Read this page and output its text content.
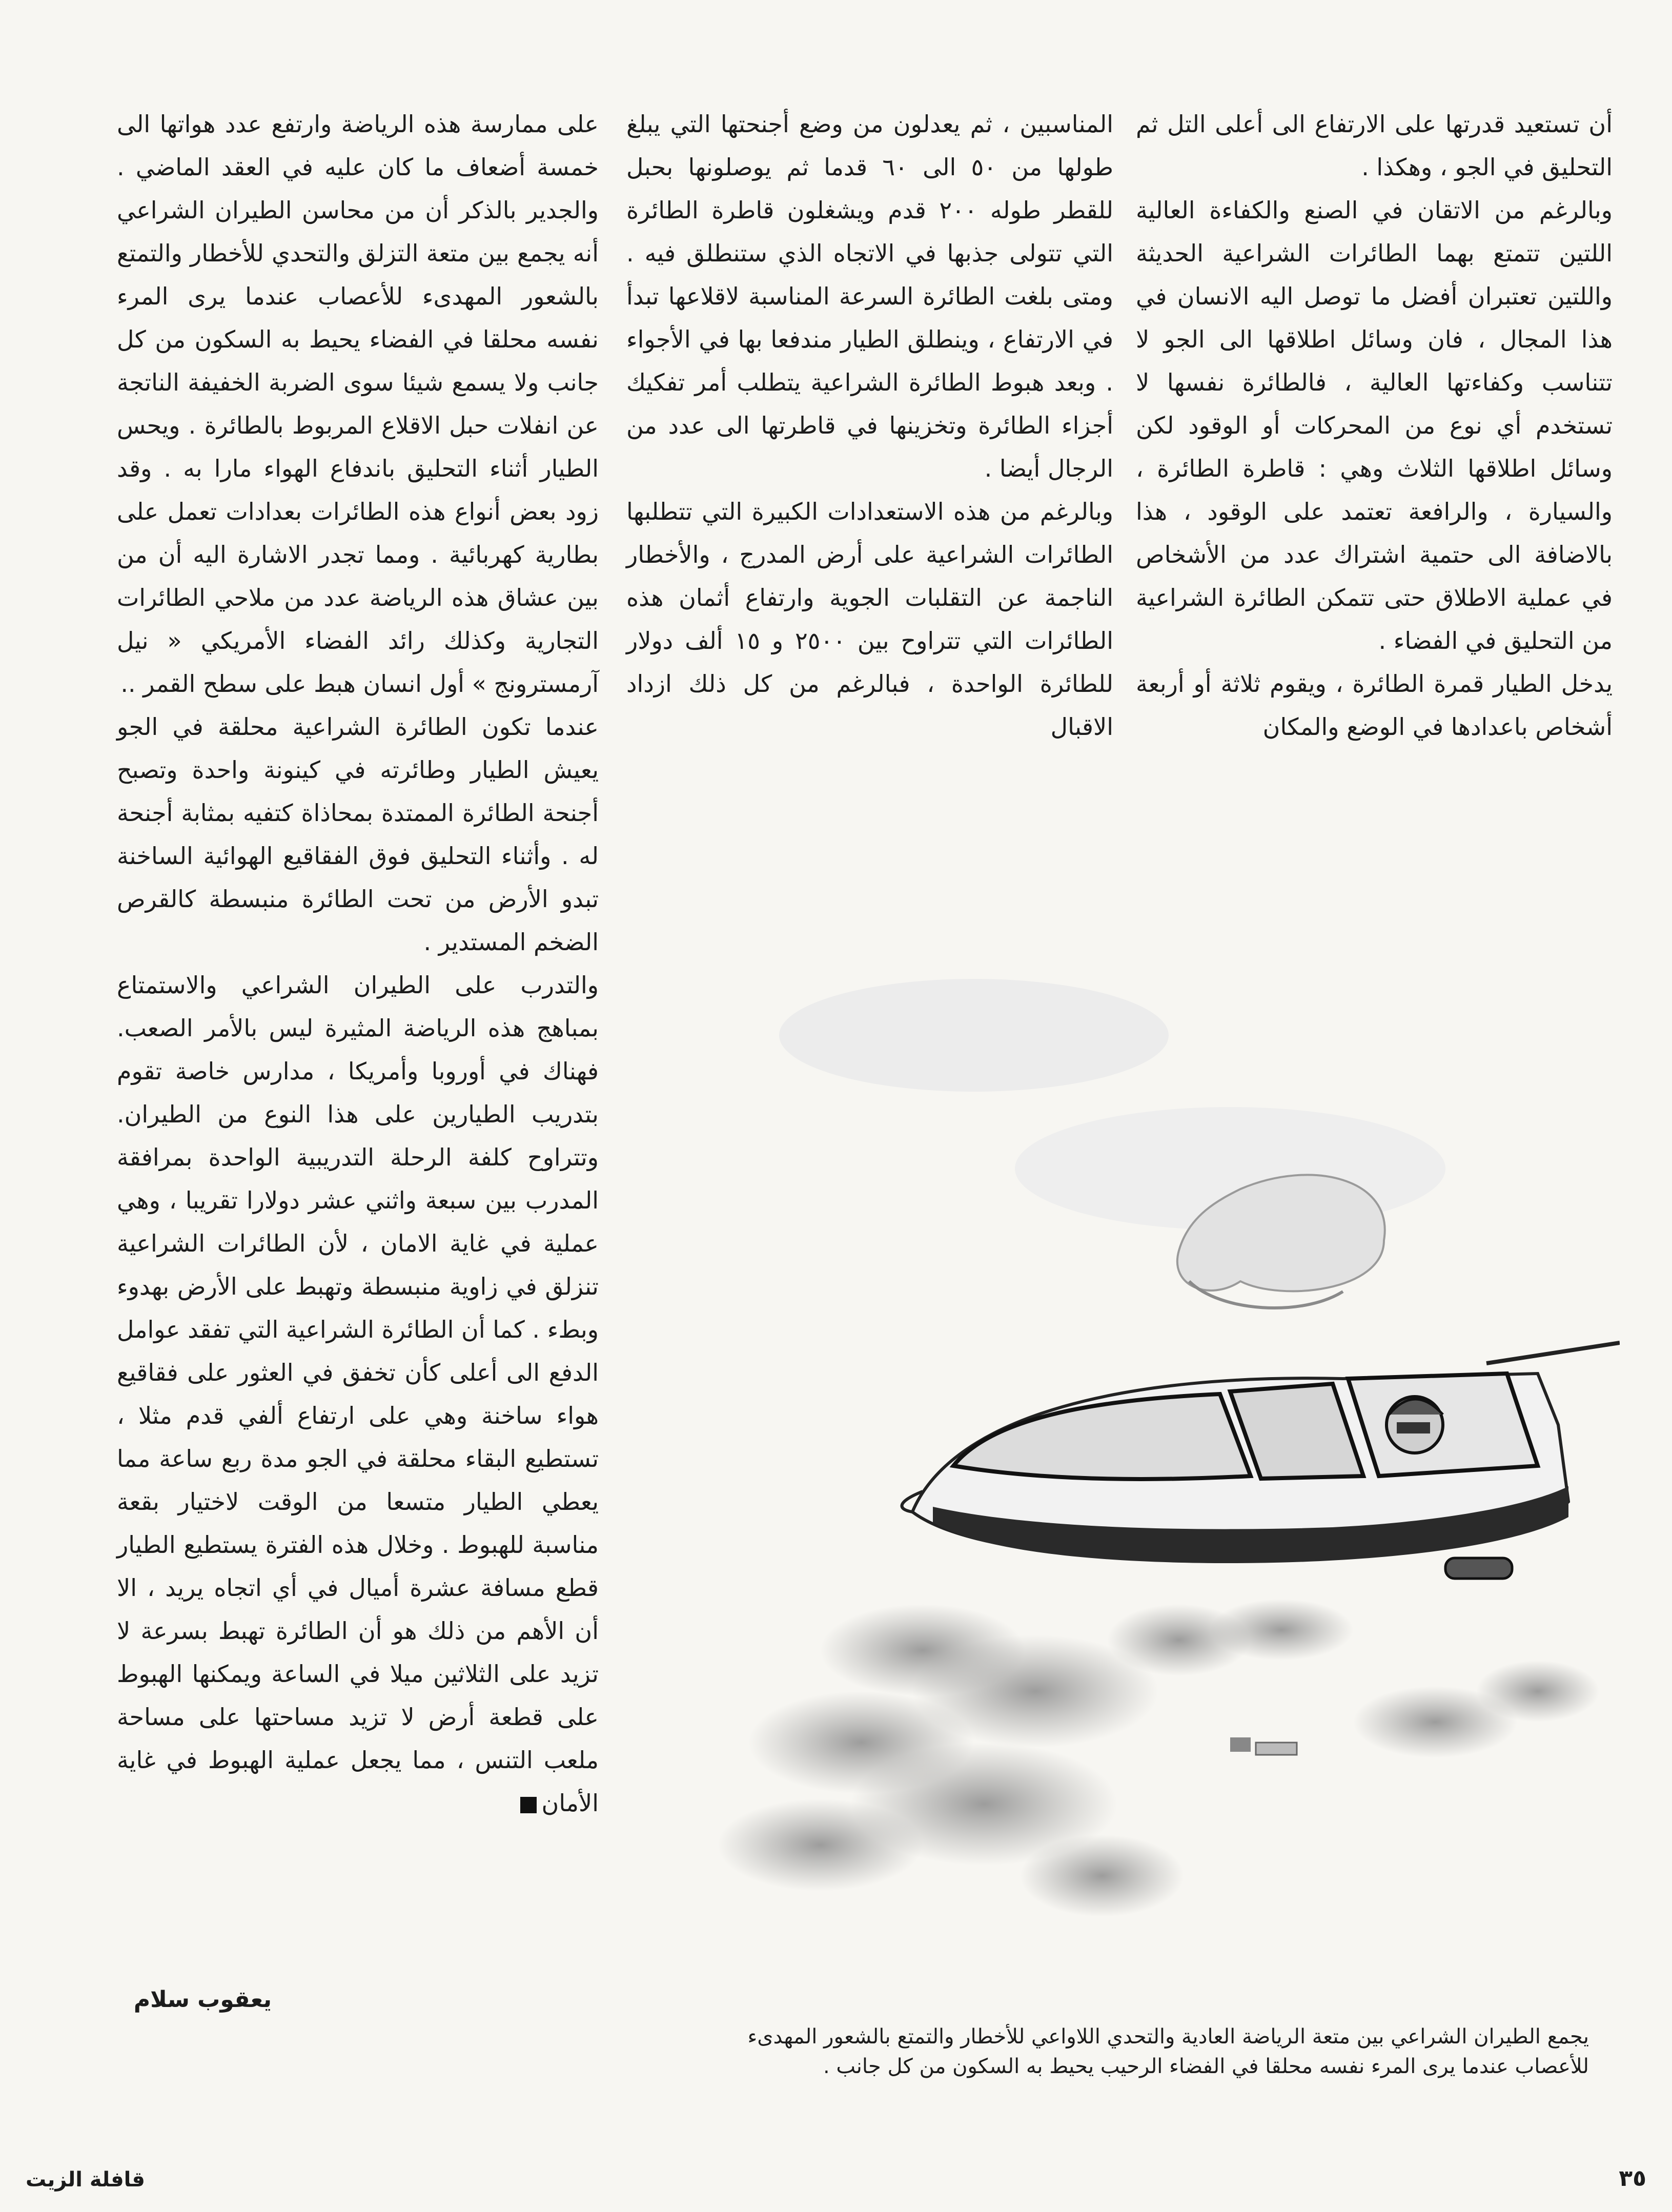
أن تستعيد قدرتها على الارتفاع الى أعلى التل ثم التحليق في الجو ، وهكذا .

وبالرغم من الاتقان في الصنع والكفاءة العالية اللتين تتمتع بهما الطائرات الشراعية الحديثة واللتين تعتبران أفضل ما توصل اليه الانسان في هذا المجال ، فان وسائل اطلاقها الى الجو لا تتناسب وكفاءتها العالية ، فالطائرة نفسها لا تستخدم أي نوع من المحركات أو الوقود لكن وسائل اطلاقها الثلاث وهي : قاطرة الطائرة ، والسيارة ، والرافعة تعتمد على الوقود ، هذا بالاضافة الى حتمية اشتراك عدد من الأشخاص في عملية الاطلاق حتى تتمكن الطائرة الشراعية من التحليق في الفضاء .

يدخل الطيار قمرة الطائرة ، ويقوم ثلاثة أو أربعة أشخاص باعدادها في الوضع والمكان

المناسبين ، ثم يعدلون من وضع أجنحتها التي يبلغ طولها من ٥٠ الى ٦٠ قدما ثم يوصلونها بحبل للقطر طوله ٢٠٠ قدم ويشغلون قاطرة الطائرة التي تتولى جذبها في الاتجاه الذي ستنطلق فيه . ومتى بلغت الطائرة السرعة المناسبة لاقلاعها تبدأ في الارتفاع ، وينطلق الطيار مندفعا بها في الأجواء . وبعد هبوط الطائرة الشراعية يتطلب أمر تفكيك أجزاء الطائرة وتخزينها في قاطرتها الى عدد من الرجال أيضا .

وبالرغم من هذه الاستعدادات الكبيرة التي تتطلبها الطائرات الشراعية على أرض المدرج ، والأخطار الناجمة عن التقلبات الجوية وارتفاع أثمان هذه الطائرات التي تتراوح بين ٢٥٠٠ و ١٥ ألف دولار للطائرة الواحدة ، فبالرغم من كل ذلك ازداد الاقبال

على ممارسة هذه الرياضة وارتفع عدد هواتها الى خمسة أضعاف ما كان عليه في العقد الماضي . والجدير بالذكر أن من محاسن الطيران الشراعي أنه يجمع بين متعة التزلق والتحدي للأخطار والتمتع بالشعور المهدىء للأعصاب عندما يرى المرء نفسه محلقا في الفضاء يحيط به السكون من كل جانب ولا يسمع شيئا سوى الضربة الخفيفة الناتجة عن انفلات حبل الاقلاع المربوط بالطائرة . ويحس الطيار أثناء التحليق باندفاع الهواء مارا به . وقد زود بعض أنواع هذه الطائرات بعدادات تعمل على بطارية كهربائية . ومما تجدر الاشارة اليه أن من بين عشاق هذه الرياضة عدد من ملاحي الطائرات التجارية وكذلك رائد الفضاء الأمريكي « نيل آرمسترونج » أول انسان هبط على سطح القمر ..

عندما تكون الطائرة الشراعية محلقة في الجو يعيش الطيار وطائرته في كينونة واحدة وتصبح أجنحة الطائرة الممتدة بمحاذاة كتفيه بمثابة أجنحة له . وأثناء التحليق فوق الفقاقيع الهوائية الساخنة تبدو الأرض من تحت الطائرة منبسطة كالقرص الضخم المستدير .

والتدرب على الطيران الشراعي والاستمتاع بمباهج هذه الرياضة المثيرة ليس بالأمر الصعب. فهناك في أوروبا وأمريكا ، مدارس خاصة تقوم بتدريب الطيارين على هذا النوع من الطيران. وتتراوح كلفة الرحلة التدريبية الواحدة بمرافقة المدرب بين سبعة واثني عشر دولارا تقريبا ، وهي عملية في غاية الامان ، لأن الطائرات الشراعية تنزلق في زاوية منبسطة وتهبط على الأرض بهدوء وبطء . كما أن الطائرة الشراعية التي تفقد عوامل الدفع الى أعلى كأن تخفق في العثور على فقاقيع هواء ساخنة وهي على ارتفاع ألفي قدم مثلا ، تستطيع البقاء محلقة في الجو مدة ربع ساعة مما يعطي الطيار متسعا من الوقت لاختيار بقعة مناسبة للهبوط . وخلال هذه الفترة يستطيع الطيار قطع مسافة عشرة أميال في أي اتجاه يريد ، الا أن الأهم من ذلك هو أن الطائرة تهبط بسرعة لا تزيد على الثلاثين ميلا في الساعة ويمكنها الهبوط على قطعة أرض لا تزيد مساحتها على مساحة ملعب التنس ، مما يجعل عملية الهبوط في غاية الأمان

يعقوب سلام
يجمع الطيران الشراعي بين متعة الرياضة العادية والتحدي اللاواعي للأخطار والتمتع بالشعور المهدىء
للأعصاب عندما يرى المرء نفسه محلقا في الفضاء الرحيب يحيط به السكون من كل جانب .
٣٥
قافلة الزيت
